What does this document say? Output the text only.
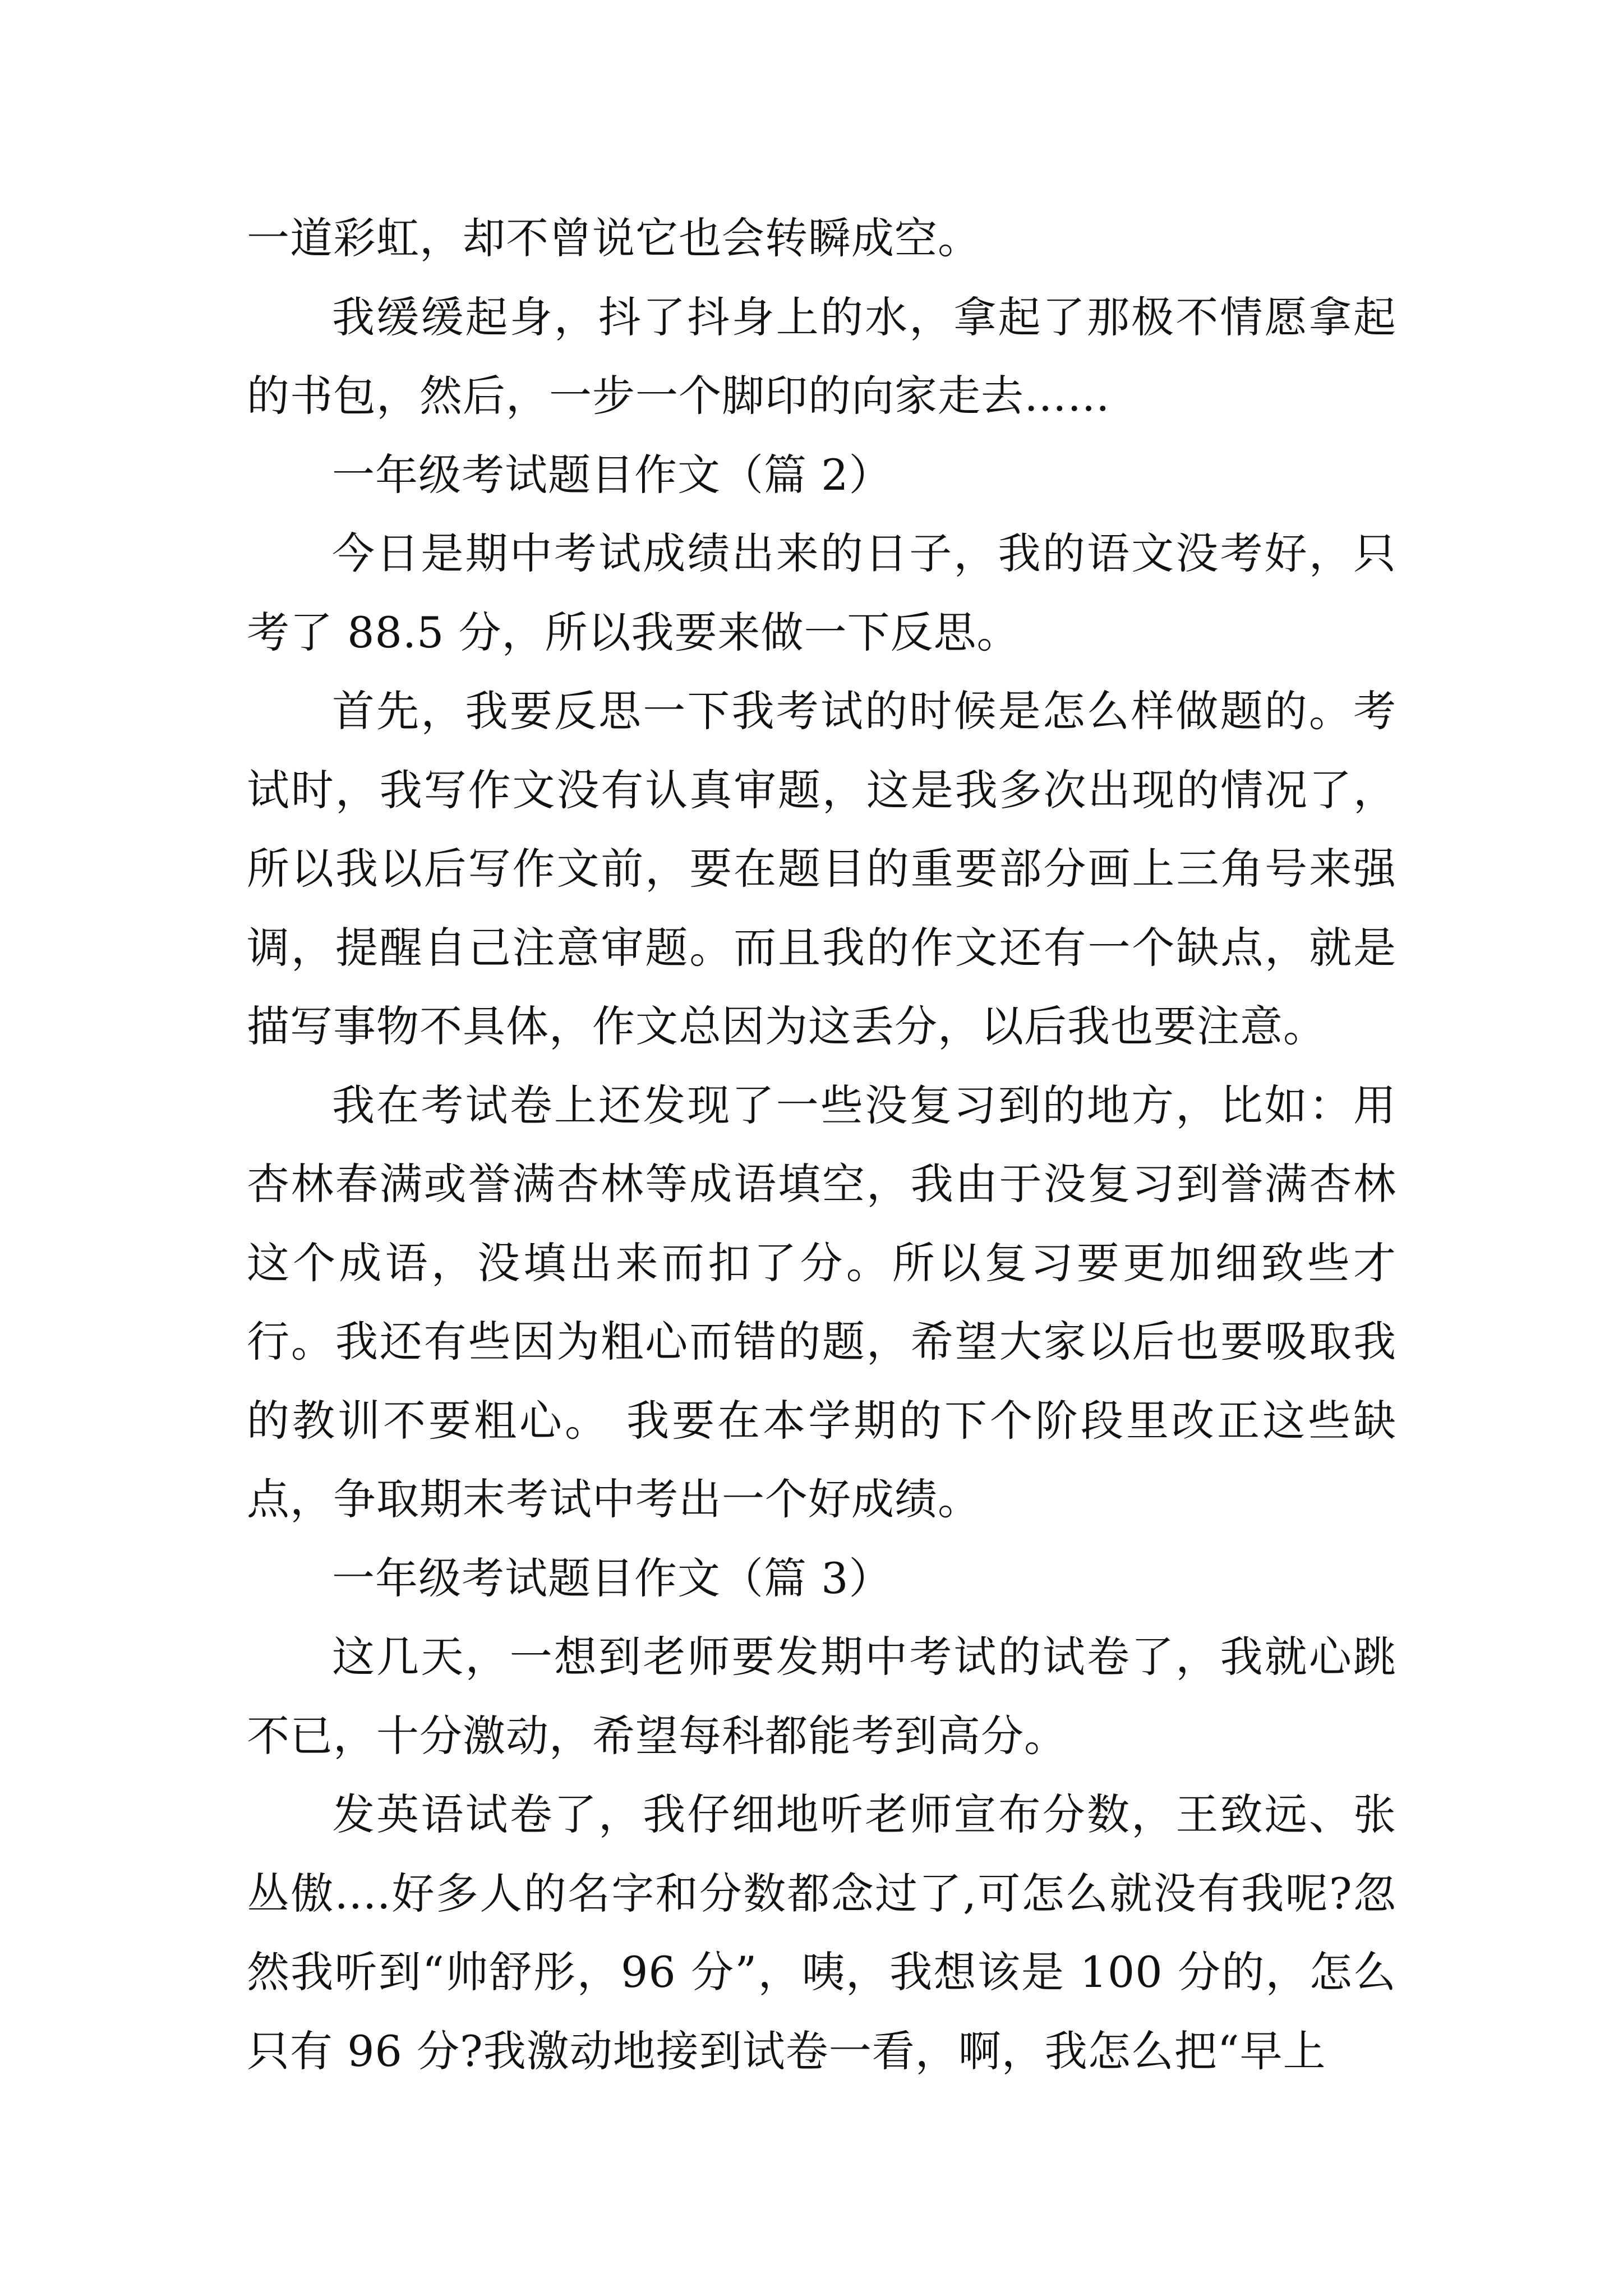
一道彩虹，却不曾说它也会转瞬成空。

我缓缓起身，抖了抖身上的水，拿起了那极不情愿拿起的书包，然后，一步一个脚印的向家走去……

一年级考试题目作文（篇 2）

今日是期中考试成绩出来的日子，我的语文没考好，只考了 88.5 分，所以我要来做一下反思。

首先，我要反思一下我考试的时候是怎么样做题的。考试时，我写作文没有认真审题，这是我多次出现的情况了，所以我以后写作文前，要在题目的重要部分画上三角号来强调，提醒自己注意审题。而且我的作文还有一个缺点，就是描写事物不具体，作文总因为这丢分，以后我也要注意。

我在考试卷上还发现了一些没复习到的地方，比如：用杏林春满或誉满杏林等成语填空，我由于没复习到誉满杏林这个成语，没填出来而扣了分。所以复习要更加细致些才行。我还有些因为粗心而错的题，希望大家以后也要吸取我的教训不要粗心。 我要在本学期的下个阶段里改正这些缺点，争取期末考试中考出一个好成绩。

一年级考试题目作文（篇 3）

这几天，一想到老师要发期中考试的试卷了，我就心跳不已，十分激动，希望每科都能考到高分。

发英语试卷了，我仔细地听老师宣布分数，王致远、张丛傲....好多人的名字和分数都念过了,可怎么就没有我呢?忽然我听到“帅舒彤，96 分”，咦，我想该是 100 分的，怎么只有 96 分?我激动地接到试卷一看，啊，我怎么把“早上
